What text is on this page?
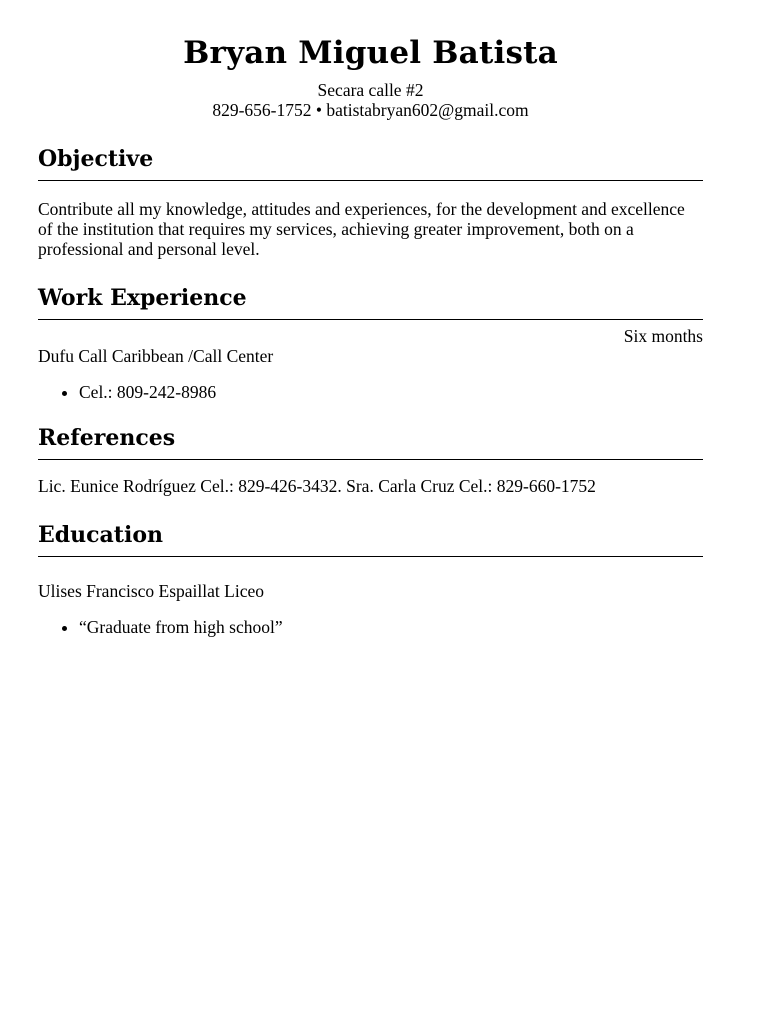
Bryan Miguel Batista
Secara calle #2
829-656-1752 • batistabryan602@gmail.com
Objective
Contribute all my knowledge, attitudes and experiences, for the development and excellence of the institution that requires my services, achieving greater improvement, both on a professional and personal level.
Work Experience
Six months
Dufu Call Caribbean /Call Center
• Cel.: 809-242-8986
References
Lic. Eunice Rodríguez Cel.: 829-426-3432. Sra. Carla Cruz Cel.: 829-660-1752
Education
Ulises Francisco Espaillat Liceo
• “Graduate from high school”
